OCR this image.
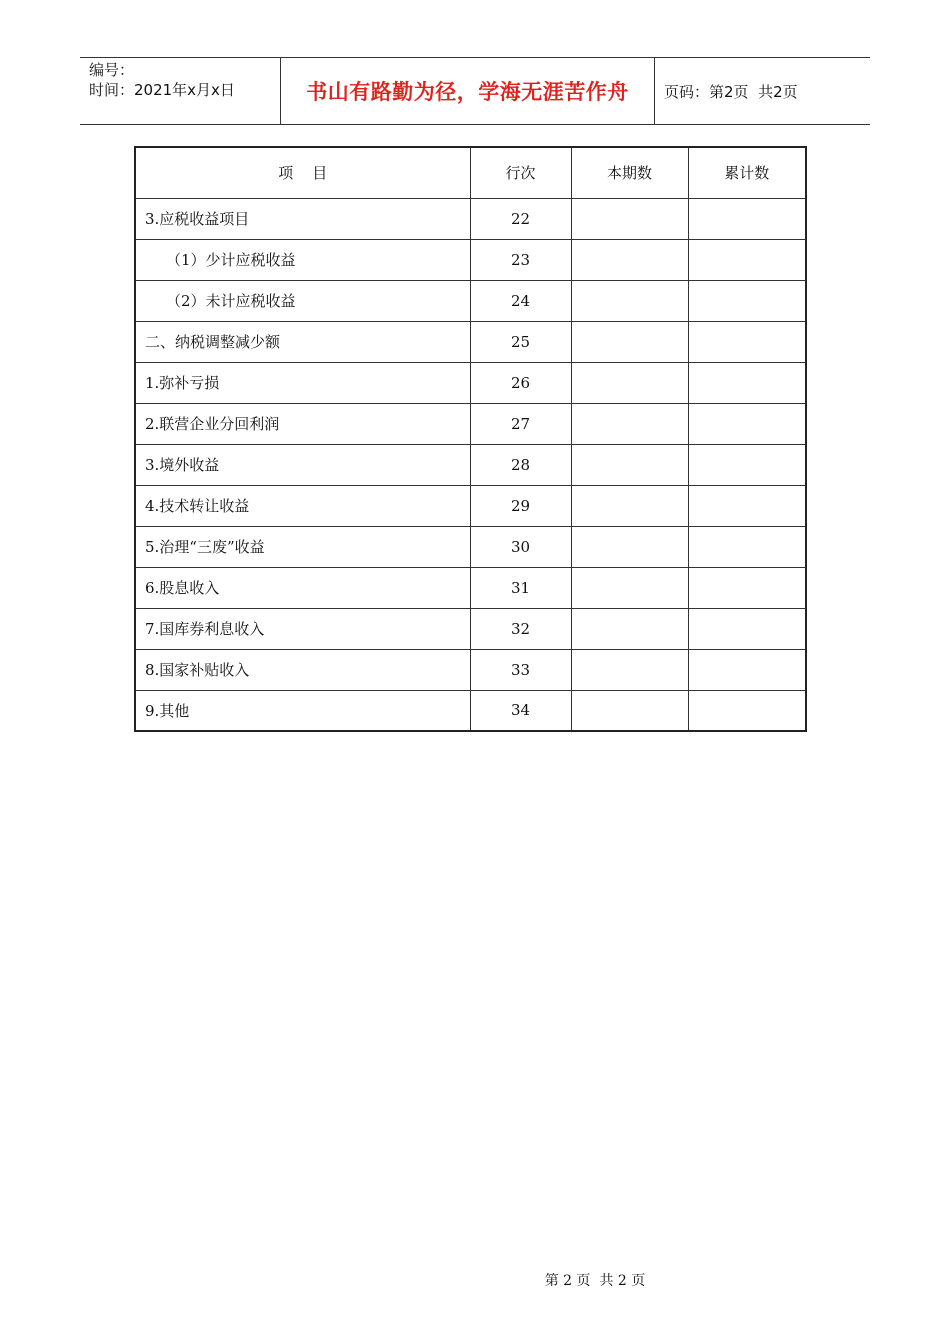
编号：
时间：2021年x月x日	书山有路勤为径，学海无涯苦作舟	页码：第2页  共2页
项    目	行次	本期数	累计数
3.应税收益项目	22		
（1）少计应税收益	23		
（2）未计应税收益	24		
二、纳税调整减少额	25		
1.弥补亏损	26		
2.联营企业分回利润	27		
3.境外收益	28		
4.技术转让收益	29		
5.治理“三废”收益	30		
6.股息收入	31		
7.国库券利息收入	32		
8.国家补贴收入	33		
9.其他	34		
第 2 页  共 2 页
